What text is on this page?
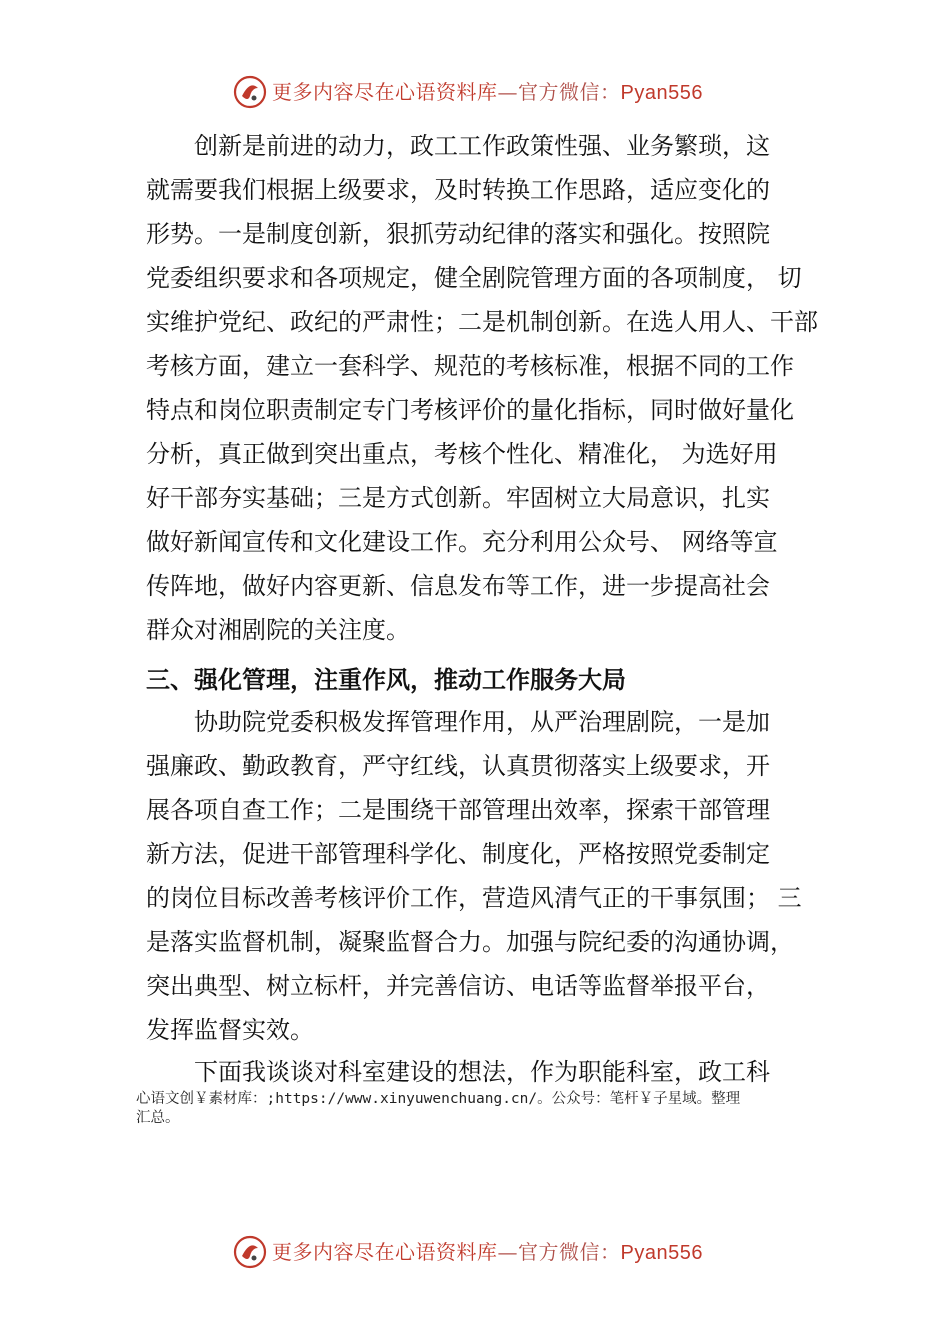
更多内容尽在心语资料库—官方微信：Pyan556
创新是前进的动力，政工工作政策性强、业务繁琐，这
就需要我们根据上级要求，及时转换工作思路，适应变化的
形势。一是制度创新，狠抓劳动纪律的落实和强化。按照院
党委组织要求和各项规定，健全剧院管理方面的各项制度， 切
实维护党纪、政纪的严肃性；二是机制创新。在选人用人、干部
考核方面，建立一套科学、规范的考核标准，根据不同的工作
特点和岗位职责制定专门考核评价的量化指标，同时做好量化
分析，真正做到突出重点，考核个性化、精准化， 为选好用
好干部夯实基础；三是方式创新。牢固树立大局意识，扎实
做好新闻宣传和文化建设工作。充分利用公众号、 网络等宣
传阵地，做好内容更新、信息发布等工作，进一步提高社会
群众对湘剧院的关注度。
三、强化管理，注重作风，推动工作服务大局
协助院党委积极发挥管理作用，从严治理剧院，一是加
强廉政、勤政教育，严守红线，认真贯彻落实上级要求，开
展各项自查工作；二是围绕干部管理出效率，探索干部管理
新方法，促进干部管理科学化、制度化，严格按照党委制定
的岗位目标改善考核评价工作，营造风清气正的干事氛围； 三
是落实监督机制，凝聚监督合力。加强与院纪委的沟通协调，
突出典型、树立标杆，并完善信访、电话等监督举报平台，
发挥监督实效。
下面我谈谈对科室建设的想法，作为职能科室，政工科
心语文创￥素材库：;https://www.xinyuwenchuang.cn/。公众号：笔杆￥子星域。整理
汇总。
更多内容尽在心语资料库—官方微信：Pyan556
